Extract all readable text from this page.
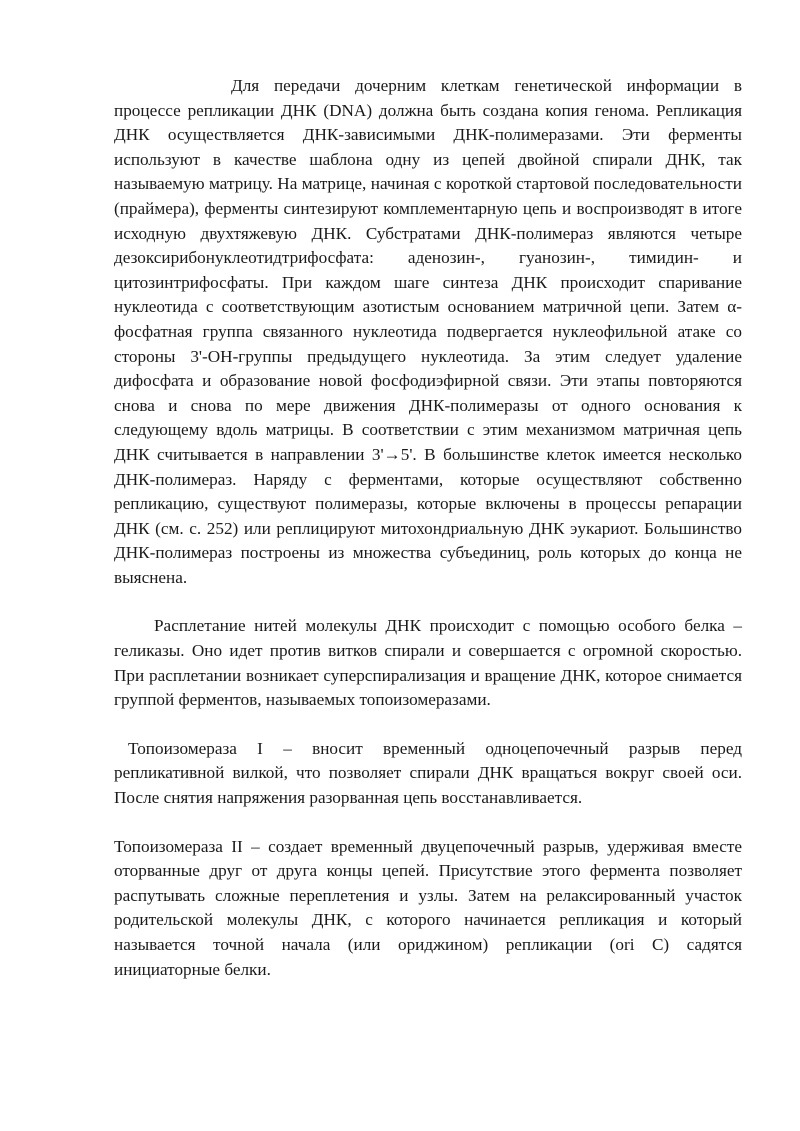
Для передачи дочерним клеткам генетической информации в процессе репликации ДНК (DNA) должна быть создана копия генома. Репликация ДНК осуществляется ДНК-зависимыми ДНК-полимеразами. Эти ферменты используют в качестве шаблона одну из цепей двойной спирали ДНК, так называемую матрицу. На матрице, начиная с короткой стартовой последовательности (праймера), ферменты синтезируют комплементарную цепь и воспроизводят в итоге исходную двухтяжевую ДНК. Субстратами ДНК-полимераз являются четыре дезоксирибонуклеотидтрифосфата: аденозин-, гуанозин-, тимидин- и цитозинтрифосфаты. При каждом шаге синтеза ДНК происходит спаривание нуклеотида с соответствующим азотистым основанием матричной цепи. Затем α-фосфатная группа связанного нуклеотида подвергается нуклеофильной атаке со стороны 3'-ОН-группы предыдущего нуклеотида. За этим следует удаление дифосфата и образование новой фосфодиэфирной связи. Эти этапы повторяются снова и снова по мере движения ДНК-полимеразы от одного основания к следующему вдоль матрицы. В соответствии с этим механизмом матричная цепь ДНК считывается в направлении 3'→5'. В большинстве клеток имеется несколько ДНК-полимераз. Наряду с ферментами, которые осуществляют собственно репликацию, существуют полимеразы, которые включены в процессы репарации ДНК (см. с. 252) или реплицируют митохондриальную ДНК эукариот. Большинство ДНК-полимераз построены из множества субъединиц, роль которых до конца не выяснена.

Расплетание нитей молекулы ДНК происходит с помощью особого белка – геликазы. Оно идет против витков спирали и совершается с огромной скоростью. При расплетании возникает суперспирализация и вращение ДНК, которое снимается группой ферментов, называемых топоизомеразами.

Топоизомераза I – вносит временный одноцепочечный разрыв перед репликативной вилкой, что позволяет спирали ДНК вращаться вокруг своей оси. После снятия напряжения разорванная цепь восстанавливается.

Топоизомераза II – создает временный двуцепочечный разрыв, удерживая вместе оторванные друг от друга концы цепей. Присутствие этого фермента позволяет распутывать сложные переплетения и узлы. Затем на релаксированный участок родительской молекулы ДНК, с которого начинается репликация и который называется точной начала (или ориджином) репликации (ori C) садятся инициаторные белки.
